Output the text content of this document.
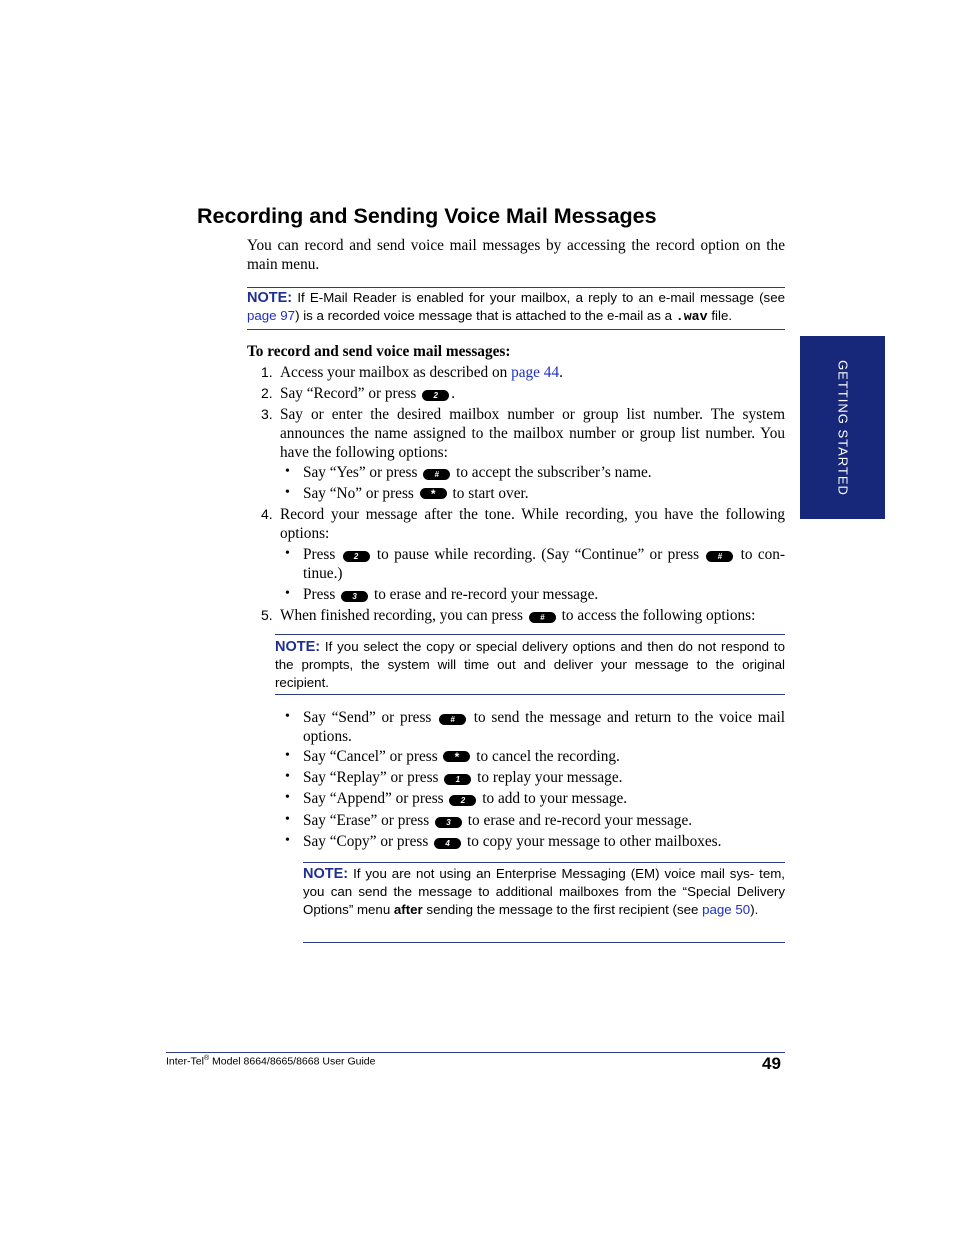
GETTING STARTED
Recording and Sending Voice Mail Messages
You can record and send voice mail messages by accessing the record option on the main menu.
NOTE: If E-Mail Reader is enabled for your mailbox, a reply to an e-mail message (see page 97) is a recorded voice message that is attached to the e-mail as a .wav file.
To record and send voice mail messages:
1. Access your mailbox as described on page 44.
2. Say “Record” or press 2 .
3. Say or enter the desired mailbox number or group list number. The system announces the name assigned to the mailbox number or group list number. You have the following options:
• Say “Yes” or press # to accept the subscriber’s name.
• Say “No” or press * to start over.
4. Record your message after the tone. While recording, you have the following options:
• Press 2 to pause while recording. (Say “Continue” or press # to con- tinue.)
• Press 3 to erase and re-record your message.
5. When finished recording, you can press # to access the following options:
NOTE: If you select the copy or special delivery options and then do not respond to the prompts, the system will time out and deliver your message to the original recipient.
• Say “Send” or press # to send the message and return to the voice mail options.
• Say “Cancel” or press * to cancel the recording.
• Say “Replay” or press 1 to replay your message.
• Say “Append” or press 2 to add to your message.
• Say “Erase” or press 3 to erase and re-record your message.
• Say “Copy” or press 4 to copy your message to other mailboxes.
NOTE: If you are not using an Enterprise Messaging (EM) voice mail sys- tem, you can send the message to additional mailboxes from the “Special Delivery Options” menu after sending the message to the first recipient (see page 50).
Inter-Tel® Model 8664/8665/8668 User Guide	49
